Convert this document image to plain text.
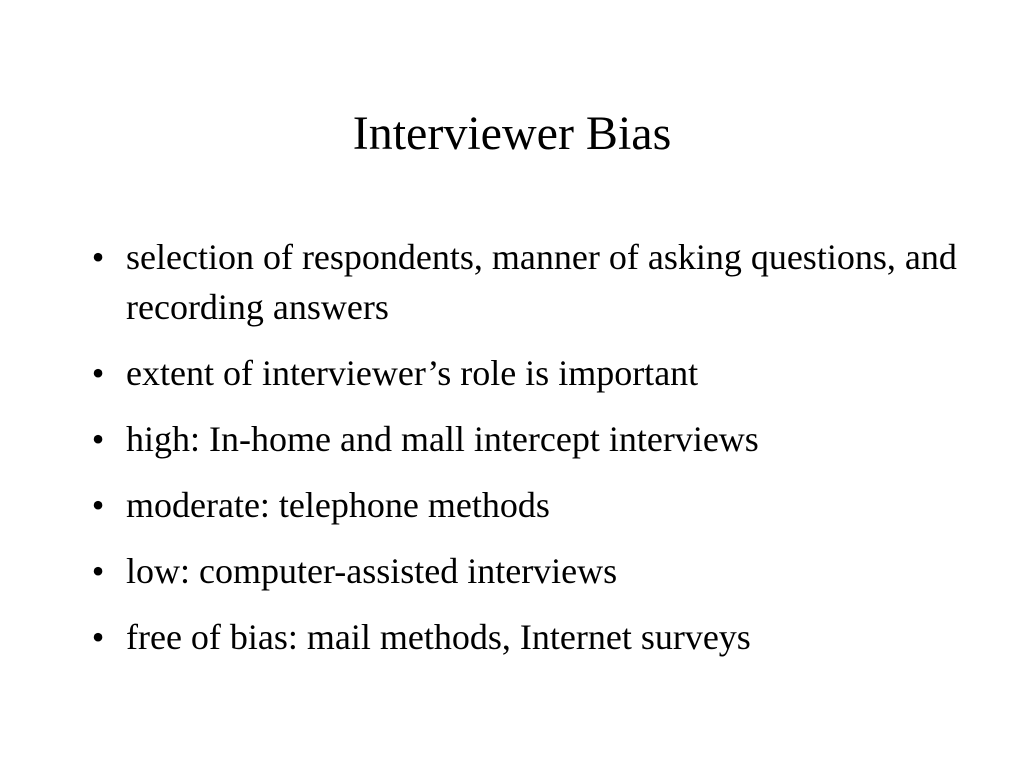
Interviewer Bias
• selection of respondents, manner of asking questions, and recording answers
• extent of interviewer’s role is important
• high: In-home and mall intercept interviews
• moderate: telephone methods
• low: computer-assisted interviews
• free of bias: mail methods, Internet surveys
